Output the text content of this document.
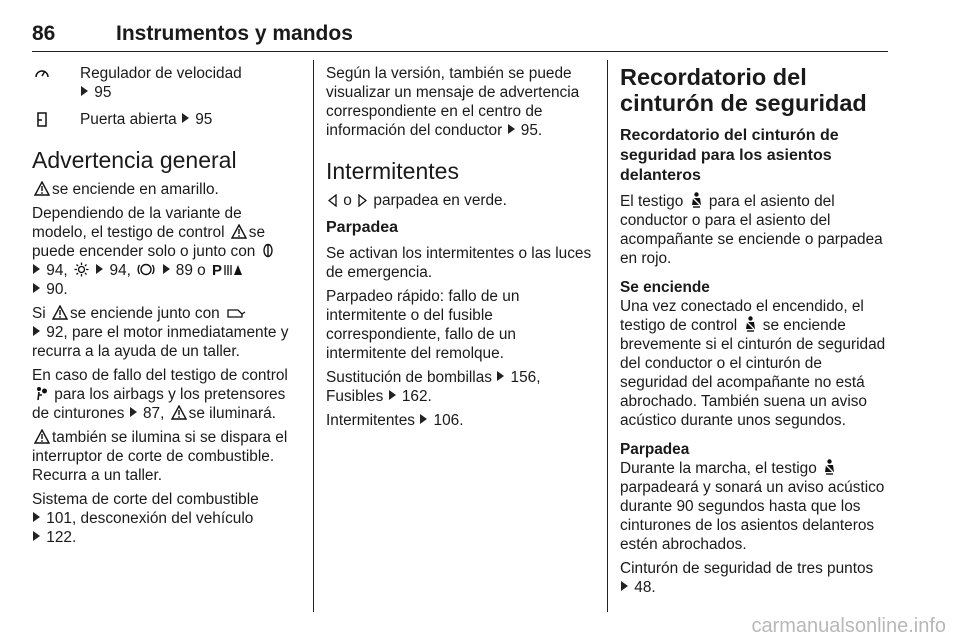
86	Instrumentos y mandos
Regulador de velocidad
95
Puerta abierta 95
Advertencia general

se enciende en amarillo.

Dependiendo de la variante de modelo, el testigo de control se puede encender solo o junto con
94,	94,	89 o P

90.

Si se enciende junto con
92, pare el motor inmediatamente y recurra a la ayuda de un taller.

En caso de fallo del testigo de control
para los airbags y los pretensores de cinturones 87, se iluminará.

también se ilumina si se dispara el interruptor de corte de combustible. Recurra a un taller.

Sistema de corte del combustible
101, desconexión del vehículo
122.

Según la versión, también se puede visualizar un mensaje de advertencia correspondiente en el centro de información del conductor 95.

Intermitentes

o parpadea en verde.

Parpadea

Se activan los intermitentes o las luces de emergencia.

Parpadeo rápido: fallo de un intermitente o del fusible correspondiente, fallo de un intermitente del remolque.

Sustitución de bombillas 156, Fusibles 162.

Intermitentes 106.

Recordatorio del cinturón de seguridad
Recordatorio del cinturón de seguridad para los asientos delanteros

El testigo para el asiento del conductor o para el asiento del acompañante se enciende o parpadea en rojo.

Se enciende

Una vez conectado el encendido, el testigo de control se enciende brevemente si el cinturón de seguridad del conductor o el cinturón de seguridad del acompañante no está abrochado. También suena un aviso acústico durante unos segundos.

Parpadea

Durante la marcha, el testigo  parpadeará y sonará un aviso acústico durante 90 segundos hasta que los cinturones de los asientos delanteros estén abrochados.

Cinturón de seguridad de tres puntos
48.

carmanualsonline.info
